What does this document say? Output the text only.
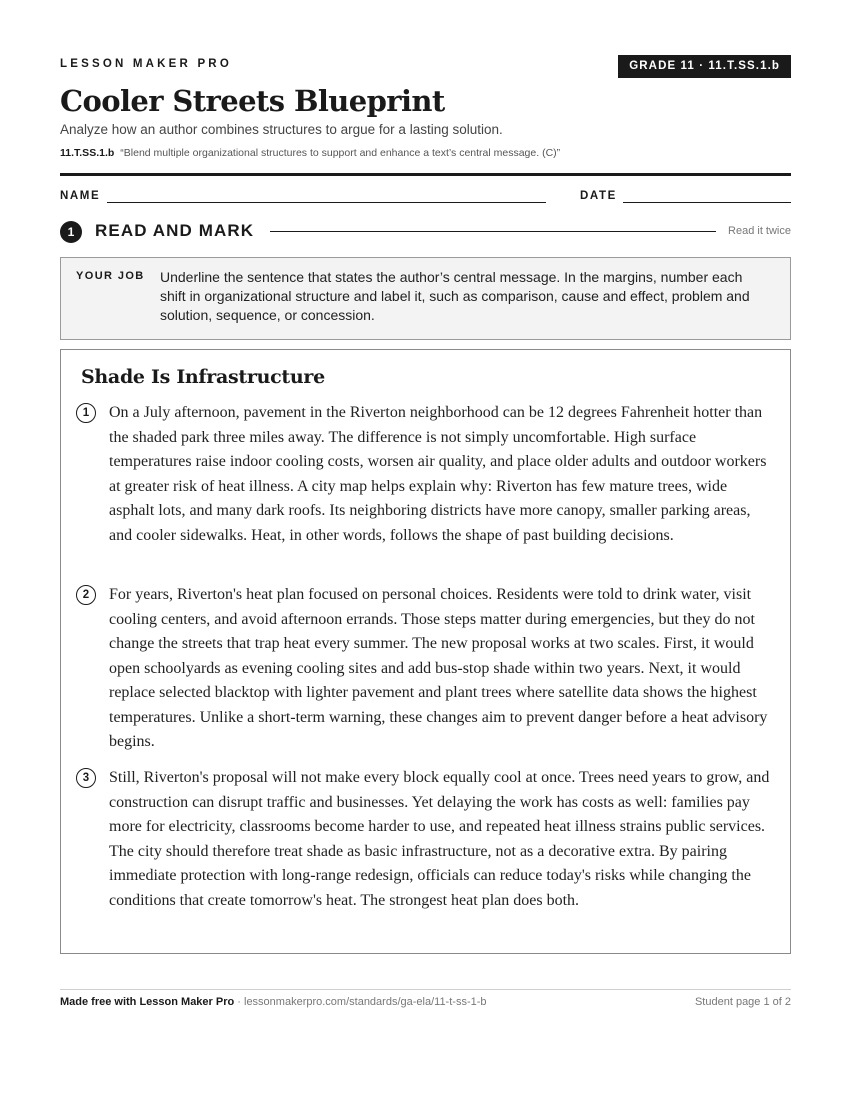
LESSON MAKER PRO	GRADE 11 · 11.T.SS.1.b
Cooler Streets Blueprint
Analyze how an author combines structures to argue for a lasting solution.
11.T.SS.1.b “Blend multiple organizational structures to support and enhance a text’s central message. (C)”
NAME	DATE
1	READ AND MARK	Read it twice
YOUR JOB Underline the sentence that states the author’s central message. In the margins, number each shift in organizational structure and label it, such as comparison, cause and effect, problem and solution, sequence, or concession.
Shade Is Infrastructure
1	On a July afternoon, pavement in the Riverton neighborhood can be 12 degrees Fahrenheit hotter than the shaded park three miles away. The difference is not simply uncomfortable. High surface temperatures raise indoor cooling costs, worsen air quality, and place older adults and outdoor workers at greater risk of heat illness. A city map helps explain why: Riverton has few mature trees, wide asphalt lots, and many dark roofs. Its neighboring districts have more canopy, smaller parking areas, and cooler sidewalks. Heat, in other words, follows the shape of past building decisions.
2	For years, Riverton's heat plan focused on personal choices. Residents were told to drink water, visit cooling centers, and avoid afternoon errands. Those steps matter during emergencies, but they do not change the streets that trap heat every summer. The new proposal works at two scales. First, it would open schoolyards as evening cooling sites and add bus-stop shade within two years. Next, it would replace selected blacktop with lighter pavement and plant trees where satellite data shows the highest temperatures. Unlike a short-term warning, these changes aim to prevent danger before a heat advisory begins.
3	Still, Riverton's proposal will not make every block equally cool at once. Trees need years to grow, and construction can disrupt traffic and businesses. Yet delaying the work has costs as well: families pay more for electricity, classrooms become harder to use, and repeated heat illness strains public services. The city should therefore treat shade as basic infrastructure, not as a decorative extra. By pairing immediate protection with long-range redesign, officials can reduce today's risks while changing the conditions that create tomorrow's heat. The strongest heat plan does both.
Made free with Lesson Maker Pro · lessonmakerpro.com/standards/ga-ela/11-t-ss-1-b	Student page 1 of 2
